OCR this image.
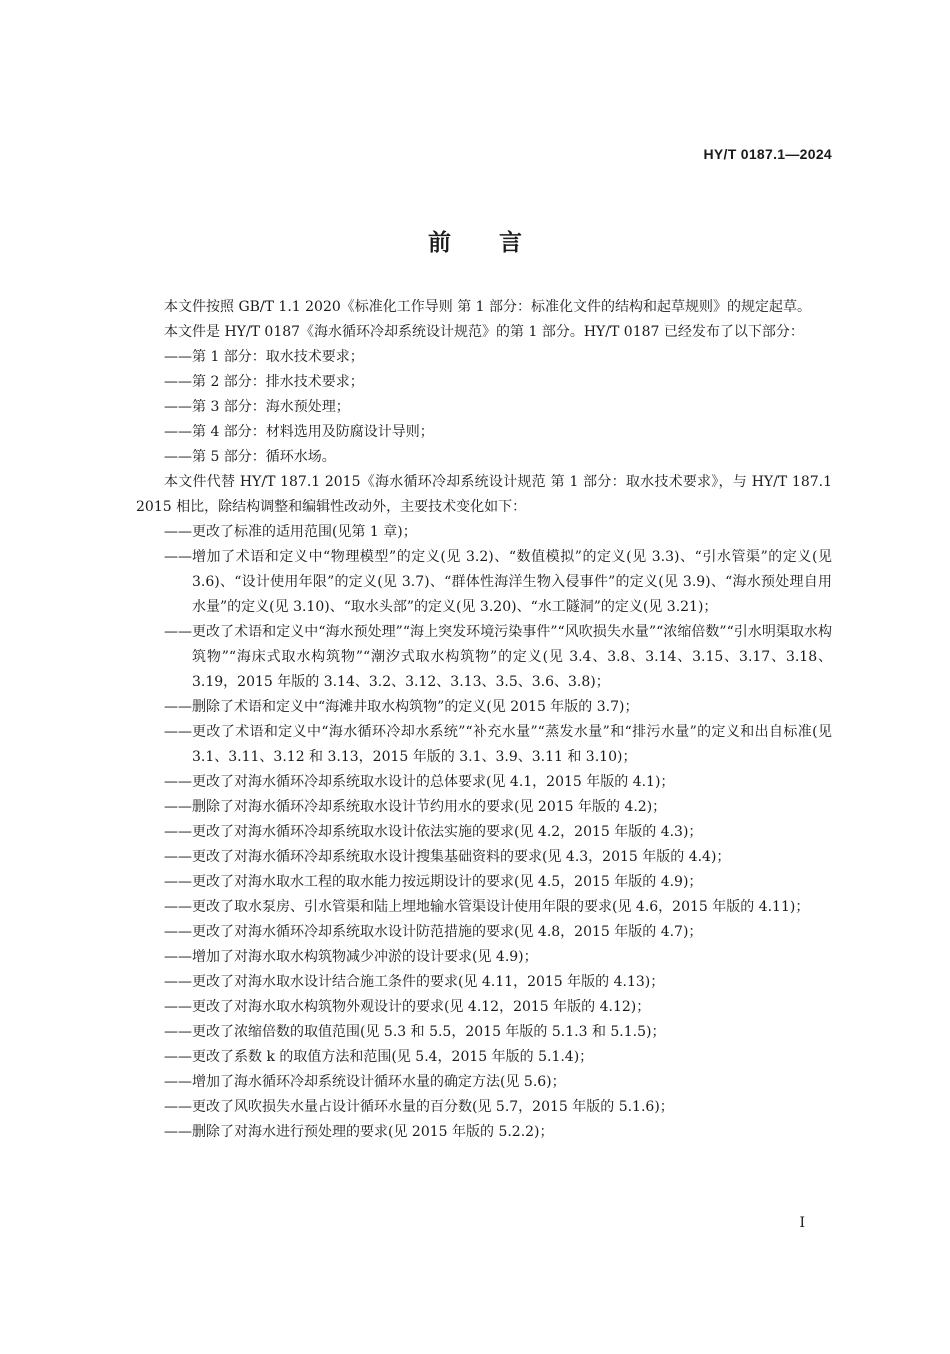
HY/T 0187.1—2024
前言

本文件按照 GB/T 1.1 2020《标准化工作导则 第 1 部分：标准化文件的结构和起草规则》的规定起草。

本文件是 HY/T 0187《海水循环冷却系统设计规范》的第 1 部分。HY/T 0187 已经发布了以下部分：

—— 第 1 部分：取水技术要求；

—— 第 2 部分：排水技术要求；

—— 第 3 部分：海水预处理；

—— 第 4 部分：材料选用及防腐设计导则；

—— 第 5 部分：循环水场。

本文件代替 HY/T 187.1 2015《海水循环冷却系统设计规范 第 1 部分：取水技术要求》，与 HY/T 187.1 2015 相比，除结构调整和编辑性改动外，主要技术变化如下：

—— 更改了标准的适用范围(见第 1 章)；

—— 增加了术语和定义中“物理模型”的定义(见 3.2)、“数值模拟”的定义(见 3.3)、“引水管渠”的定义(见 3.6)、“设计使用年限”的定义(见 3.7)、“群体性海洋生物入侵事件”的定义(见 3.9)、“海水预处理自用水量”的定义(见 3.10)、“取水头部”的定义(见 3.20)、“水工隧洞”的定义(见 3.21)；

—— 更改了术语和定义中“海水预处理”“海上突发环境污染事件”“风吹损失水量”“浓缩倍数”“引水明渠取水构筑物”“海床式取水构筑物”“潮汐式取水构筑物”的定义(见 3.4、3.8、3.14、3.15、3.17、3.18、3.19，2015 年版的 3.14、3.2、3.12、3.13、3.5、3.6、3.8)；

—— 删除了术语和定义中“海滩井取水构筑物”的定义(见 2015 年版的 3.7)；

—— 更改了术语和定义中“海水循环冷却水系统”“补充水量”“蒸发水量”和“排污水量”的定义和出自标准(见 3.1、3.11、3.12 和 3.13，2015 年版的 3.1、3.9、3.11 和 3.10)；

—— 更改了对海水循环冷却系统取水设计的总体要求(见 4.1，2015 年版的 4.1)；

—— 删除了对海水循环冷却系统取水设计节约用水的要求(见 2015 年版的 4.2)；

—— 更改了对海水循环冷却系统取水设计依法实施的要求(见 4.2，2015 年版的 4.3)；

—— 更改了对海水循环冷却系统取水设计搜集基础资料的要求(见 4.3，2015 年版的 4.4)；

—— 更改了对海水取水工程的取水能力按远期设计的要求(见 4.5，2015 年版的 4.9)；

—— 更改了取水泵房、引水管渠和陆上埋地输水管渠设计使用年限的要求(见 4.6，2015 年版的 4.11)；

—— 更改了对海水循环冷却系统取水设计防范措施的要求(见 4.8，2015 年版的 4.7)；

—— 增加了对海水取水构筑物减少冲淤的设计要求(见 4.9)；

—— 更改了对海水取水设计结合施工条件的要求(见 4.11，2015 年版的 4.13)；

—— 更改了对海水取水构筑物外观设计的要求(见 4.12，2015 年版的 4.12)；

—— 更改了浓缩倍数的取值范围(见 5.3 和 5.5，2015 年版的 5.1.3 和 5.1.5)；

—— 更改了系数 k 的取值方法和范围(见 5.4，2015 年版的 5.1.4)；

—— 增加了海水循环冷却系统设计循环水量的确定方法(见 5.6)；

—— 更改了风吹损失水量占设计循环水量的百分数(见 5.7，2015 年版的 5.1.6)；

—— 删除了对海水进行预处理的要求(见 2015 年版的 5.2.2)；

I
